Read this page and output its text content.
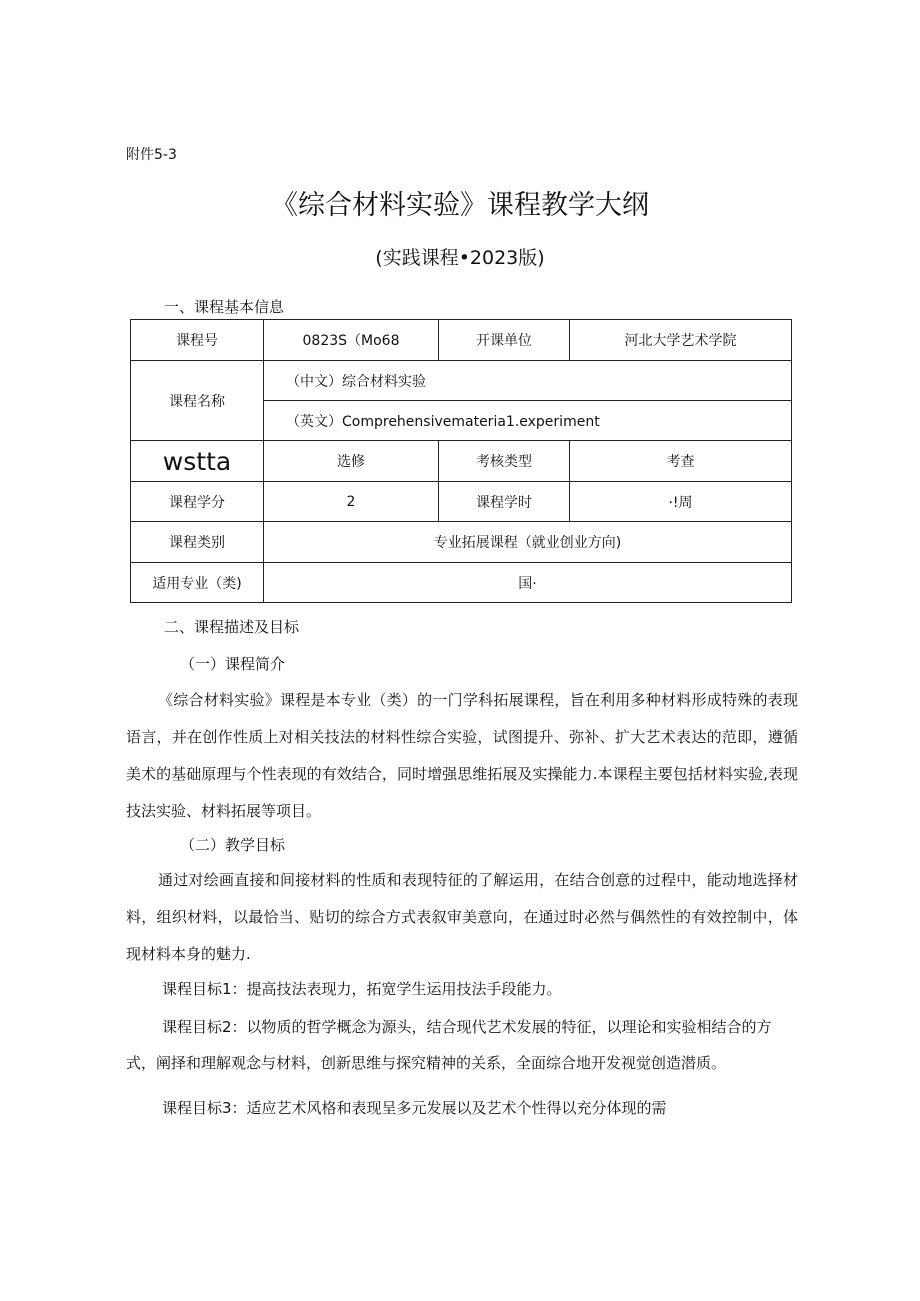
附件5-3
《综合材料实验》课程教学大纲
(实践课程•2023版)
一、课程基本信息
课程号	0823S（Mo68	开课单位	河北大学艺术学院
课程名称	（中文）综合材料实验		
	（英文）Comprehensivemateria1.experiment		
wstta	选修	考核类型	考查
课程学分	2	课程学时	·!周
课程类别	专业拓展课程（就业创业方向)		
适用专业（类)	国·		
二、课程描述及目标
（一）课程简介
《综合材料实验》课程是本专业（类）的一门学科拓展课程，旨在利用多种材料形成特殊的表现语言，并在创作性质上对相关技法的材料性综合实验，试图提升、弥补、扩大艺术表达的范即，遵循美术的基础原理与个性表现的有效结合，同时增强思维拓展及实操能力.本课程主要包括材料实验,表现技法实验、材料拓展等项目。
（二）教学目标
通过对绘画直接和间接材料的性质和表现特征的了解运用，在结合创意的过程中，能动地选择材料，组织材料，以最恰当、贴切的综合方式表叙审美意向，在通过时必然与偶然性的有效控制中，体现材料本身的魅力.
课程目标1：提高技法表现力，拓宽学生运用技法手段能力。
课程目标2：以物质的哲学概念为源头，结合现代艺术发展的特征，以理论和实验相结合的方式，阐择和理解观念与材料，创新思维与探究精神的关系，全面综合地开发视觉创造潜质。
课程目标3：适应艺术风格和表现呈多元发展以及艺术个性得以充分体现的需
